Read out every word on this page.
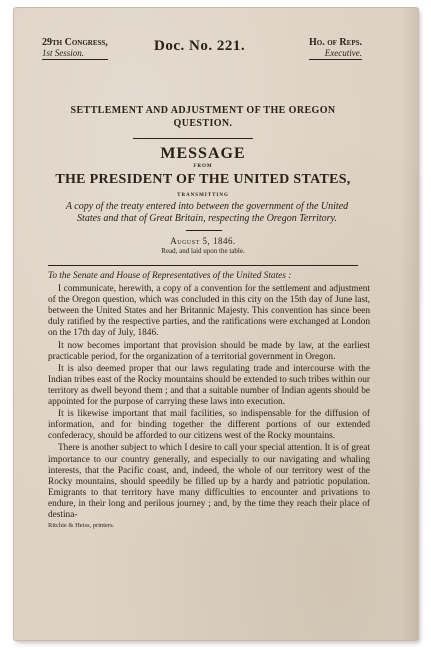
29th Congress,
1st Session.	Doc. No. 221.	Ho. of Reps.
Executive.
SETTLEMENT AND ADJUSTMENT OF THE OREGON
QUESTION.
MESSAGE
FROM
THE PRESIDENT OF THE UNITED STATES,
TRANSMITTING
A copy of the treaty entered into between the government of the United
States and that of Great Britain, respecting the Oregon Territory.
August 5, 1846.
Read, and laid upon the table.
To the Senate and House of Representatives of the United States :

I communicate, herewith, a copy of a convention for the settlement and adjustment of the Oregon question, which was concluded in this city on the 15th day of June last, between the United States and her Britannic Majesty. This convention has since been duly ratified by the respective parties, and the ratifications were exchanged at London on the 17th day of July, 1846.

It now becomes important that provision should be made by law, at the earliest practicable period, for the organization of a territorial government in Oregon.

It is also deemed proper that our laws regulating trade and intercourse with the Indian tribes east of the Rocky mountains should be extended to such tribes within our territory as dwell beyond them ; and that a suitable number of Indian agents should be appointed for the purpose of carrying these laws into execution.

It is likewise important that mail facilities, so indispensable for the diffusion of information, and for binding together the different portions of our extended confederacy, should be afforded to our citizens west of the Rocky mountains.

There is another subject to which I desire to call your special attention. It is of great importance to our country generally, and especially to our navigating and whaling interests, that the Pacific coast, and, indeed, the whole of our territory west of the Rocky mountains, should speedily be filled up by a hardy and patriotic population. Emigrants to that territory have many difficulties to encounter and privations to endure, in their long and perilous journey ; and, by the time they reach their place of destina-

Ritchie & Heiss, printers.
